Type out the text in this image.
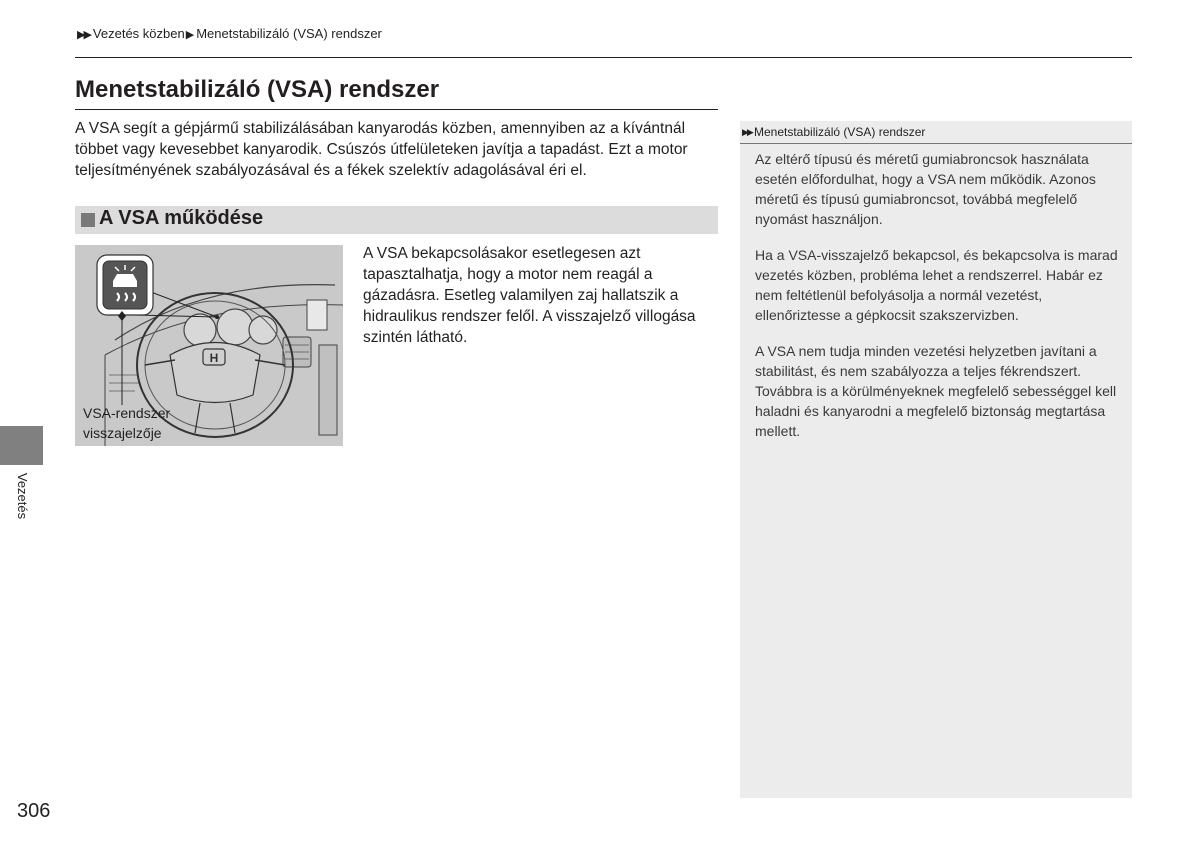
▶▶ Vezetés közben▶ Menetstabilizáló (VSA) rendszer
Menetstabilizáló (VSA) rendszer
A VSA segít a gépjármű stabilizálásában kanyarodás közben, amennyiben az a kívántnál többet vagy kevesebbet kanyarodik. Csúszós útfelületeken javítja a tapadást. Ezt a motor teljesítményének szabályozásával és a fékek szelektív adagolásával éri el.
A VSA működése
H
VSA-rendszer
visszajelzője
A VSA bekapcsolásakor esetlegesen azt tapasztalhatja, hogy a motor nem reagál a gázadásra. Esetleg valamilyen zaj hallatszik a hidraulikus rendszer felől. A visszajelző villogása szintén látható.
▶▶ Menetstabilizáló (VSA) rendszer

Az eltérő típusú és méretű gumiabroncsok használata esetén előfordulhat, hogy a VSA nem működik. Azonos méretű és típusú gumiabroncsot, továbbá megfelelő nyomást használjon.

Ha a VSA-visszajelző bekapcsol, és bekapcsolva is marad vezetés közben, probléma lehet a rendszerrel. Habár ez nem feltétlenül befolyásolja a normál vezetést, ellenőriztesse a gépkocsit szakszervizben.

A VSA nem tudja minden vezetési helyzetben javítani a stabilitást, és nem szabályozza a teljes fékrendszert. Továbbra is a körülményeknek megfelelő sebességgel kell haladni és kanyarodni a megfelelő biztonság megtartása mellett.

Vezetés
306
